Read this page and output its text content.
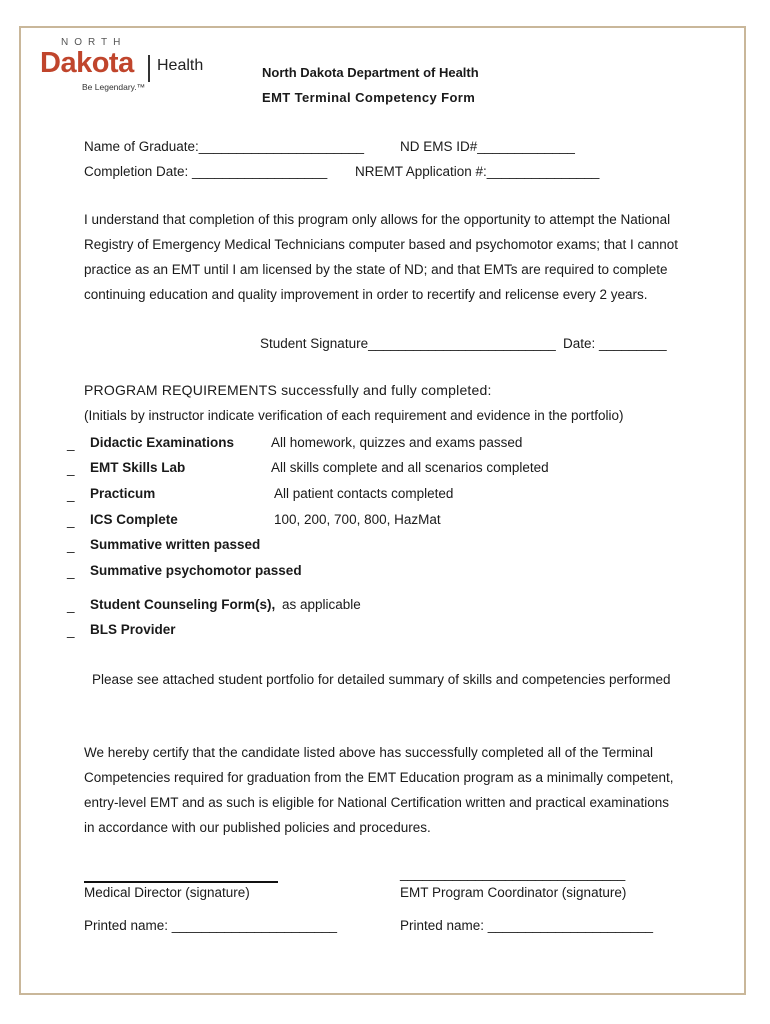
NORTH
Dakota Health
Be Legendary.™
North Dakota Department of Health
EMT Terminal Competency Form
Name of Graduate:______________________	ND EMS ID#_____________
Completion Date: __________________ NREMT Application #:_______________
I understand that completion of this program only allows for the opportunity to attempt the National
Registry of Emergency Medical Technicians computer based and psychomotor exams; that I cannot
practice as an EMT until I am licensed by the state of ND; and that EMTs are required to complete
continuing education and quality improvement in order to recertify and relicense every 2 years.
Student Signature_________________________ Date: _________
PROGRAM REQUIREMENTS successfully and fully completed:
(Initials by instructor indicate verification of each requirement and evidence in the portfolio)
_ Didactic Examinations	All homework, quizzes and exams passed
_ EMT Skills Lab	All skills complete and all scenarios completed
_ Practicum	All patient contacts completed
_ ICS Complete	100, 200, 700, 800, HazMat
_ Summative written passed
_ Summative psychomotor passed
_ Student Counseling Form(s), as applicable
_ BLS Provider
Please see attached student portfolio for detailed summary of skills and competencies performed
We hereby certify that the candidate listed above has successfully completed all of the Terminal
Competencies required for graduation from the EMT Education program as a minimally competent,
entry-level EMT and as such is eligible for National Certification written and practical examinations
in accordance with our published policies and procedures.
______________________________
Medical Director (signature)	EMT Program Coordinator (signature)
Printed name: ______________________	Printed name: ______________________
